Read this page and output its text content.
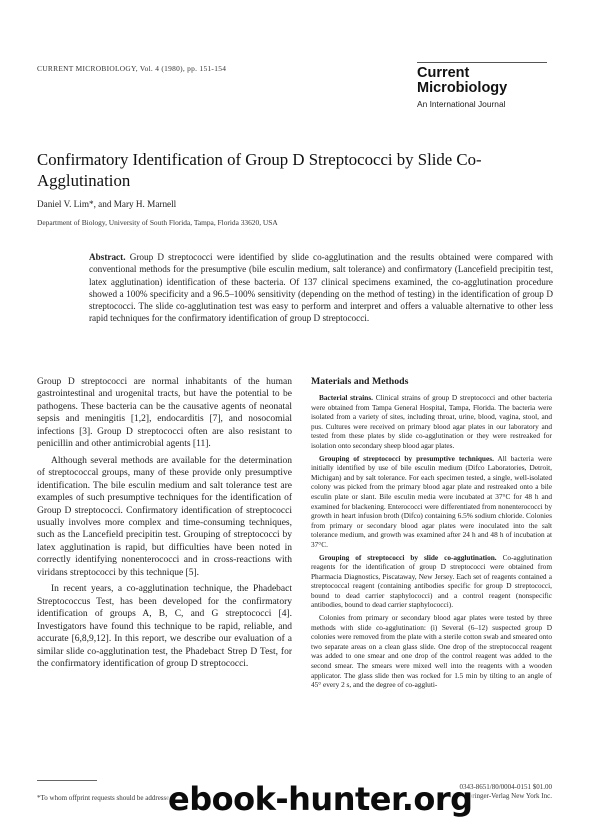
CURRENT MICROBIOLOGY, Vol. 4 (1980), pp. 151-154	Current Microbiology
An International Journal
Confirmatory Identification of Group D Streptococci by Slide Co-Agglutination
Daniel V. Lim*, and Mary H. Marnell
Department of Biology, University of South Florida, Tampa, Florida 33620, USA

Abstract. Group D streptococci were identified by slide co-agglutination and the results obtained were compared with conventional methods for the presumptive (bile esculin medium, salt tolerance) and confirmatory (Lancefield precipitin test, latex agglutination) identification of these bacteria. Of 137 clinical specimens examined, the co-agglutination procedure showed a 100% specificity and a 96.5–100% sensitivity (depending on the method of testing) in the identification of group D streptococci. The slide co-agglutination test was easy to perform and interpret and offers a valuable alternative to other less rapid techniques for the confirmatory identification of group D streptococci.

Group D streptococci are normal inhabitants of the human gastrointestinal and urogenital tracts, but have the potential to be pathogens. These bacteria can be the causative agents of neonatal sepsis and meningitis [1,2], endocarditis [7], and nosocomial infections [3]. Group D streptococci often are also resistant to penicillin and other antimicrobial agents [11].

Although several methods are available for the determination of streptococcal groups, many of these provide only presumptive identification. The bile esculin medium and salt tolerance test are examples of such presumptive techniques for the identification of Group D streptococci. Confirmatory identification of streptococci usually involves more complex and time-consuming techniques, such as the Lancefield precipitin test. Grouping of streptococci by latex agglutination is rapid, but difficulties have been noted in correctly identifying nonenterococci and in cross-reactions with viridans streptococci by this technique [5].

In recent years, a co-agglutination technique, the Phadebact Streptococcus Test, has been developed for the confirmatory identification of groups A, B, C, and G streptococci [4]. Investigators have found this technique to be rapid, reliable, and accurate [6,8,9,12]. In this report, we describe our evaluation of a similar slide co-agglutination test, the Phadebact Strep D Test, for the confirmatory identification of group D streptococci.

Materials and Methods

Bacterial strains. Clinical strains of group D streptococci and other bacteria were obtained from Tampa General Hospital, Tampa, Florida. The bacteria were isolated from a variety of sites, including throat, urine, blood, vagina, stool, and pus. Cultures were received on primary blood agar plates in our laboratory and tested from these plates by slide co-agglutination or they were restreaked for isolation onto secondary sheep blood agar plates.

Grouping of streptococci by presumptive techniques. All bacteria were initially identified by use of bile esculin medium (Difco Laboratories, Detroit, Michigan) and by salt tolerance. For each specimen tested, a single, well-isolated colony was picked from the primary blood agar plate and restreaked onto a bile esculin plate or slant. Bile esculin media were incubated at 37°C for 48 h and examined for blackening. Enterococci were differentiated from nonenterococci by growth in heart infusion broth (Difco) containing 6.5% sodium chloride. Colonies from primary or secondary blood agar plates were inoculated into the salt tolerance medium, and growth was examined after 24 h and 48 h of incubation at 37°C.

Grouping of streptococci by slide co-agglutination. Co-agglutination reagents for the identification of group D streptococci were obtained from Pharmacia Diagnostics, Piscataway, New Jersey. Each set of reagents contained a streptococcal reagent (containing antibodies specific for group D streptococci, bound to dead carrier staphylococci) and a control reagent (nonspecific antibodies, bound to dead carrier staphylococci).

Colonies from primary or secondary blood agar plates were tested by three methods with slide co-agglutination: (i) Several (6–12) suspected group D colonies were removed from the plate with a sterile cotton swab and smeared onto two separate areas on a clean glass slide. One drop of the streptococcal reagent was added to one smear and one drop of the control reagent was added to the second smear. The smears were mixed well into the reagents with a wooden applicator. The glass slide then was rocked for 1.5 min by tilting to an angle of 45° every 2 s, and the degree of co-aggluti-

*To whom offprint requests should be addressed.
0343-8651/80/0004-0151 $01.00
© 1980 Springer-Verlag New York Inc.
ebook-hunter.org
